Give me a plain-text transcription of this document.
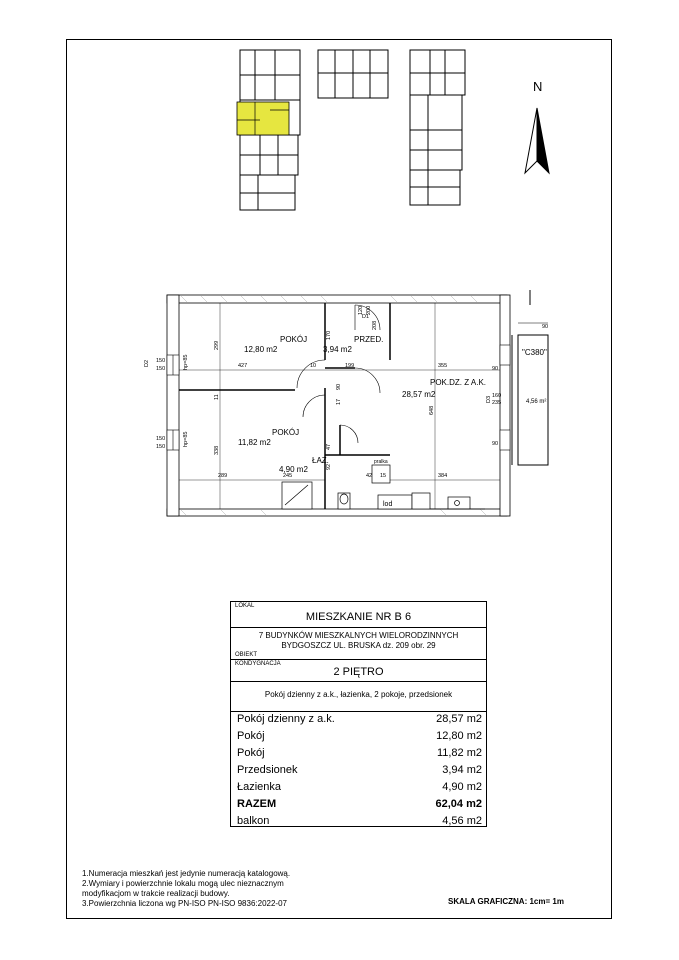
N
427	199	355
289	245	384
338
299
648
150
150
150
150
160
235
90
90
10
15
42
170
120 200
11
17
208
47
92
90
D1
D2
D3
hp=85
hp=85
POKÓJ
12,80 m2
PRZED.
3,94 m2
POK.DZ. Z A.K.
28,57 m2
POKÓJ
11,82 m2
ŁAZ.
4,90 m2
lod
pralka
"C380"
4,56 m²
90
LOKAL
MIESZKANIE NR B 6
7 BUDYNKÓW MIESZKALNYCH WIELORODZINNYCH
BYDGOSZCZ UL. BRUSKA dz. 209 obr. 29
OBIEKT
KONDYGNACJA
2 PIĘTRO
Pokój dzienny z a.k., łazienka, 2 pokoje, przedsionek
Pokój dzienny z a.k.	28,57 m2
Pokój	12,80 m2
Pokój	11,82 m2
Przedsionek	3,94 m2
Łazienka	4,90 m2
RAZEM	62,04 m2
balkon	4,56 m2
1.Numeracja mieszkań jest jedynie numeracją katalogową.
2.Wymiary i powierzchnie lokalu mogą ulec nieznacznym
modyfikacjom w trakcie realizacji budowy.
3.Powierzchnia liczona wg PN-ISO PN-ISO 9836:2022-07	SKALA GRAFICZNA: 1cm= 1m
